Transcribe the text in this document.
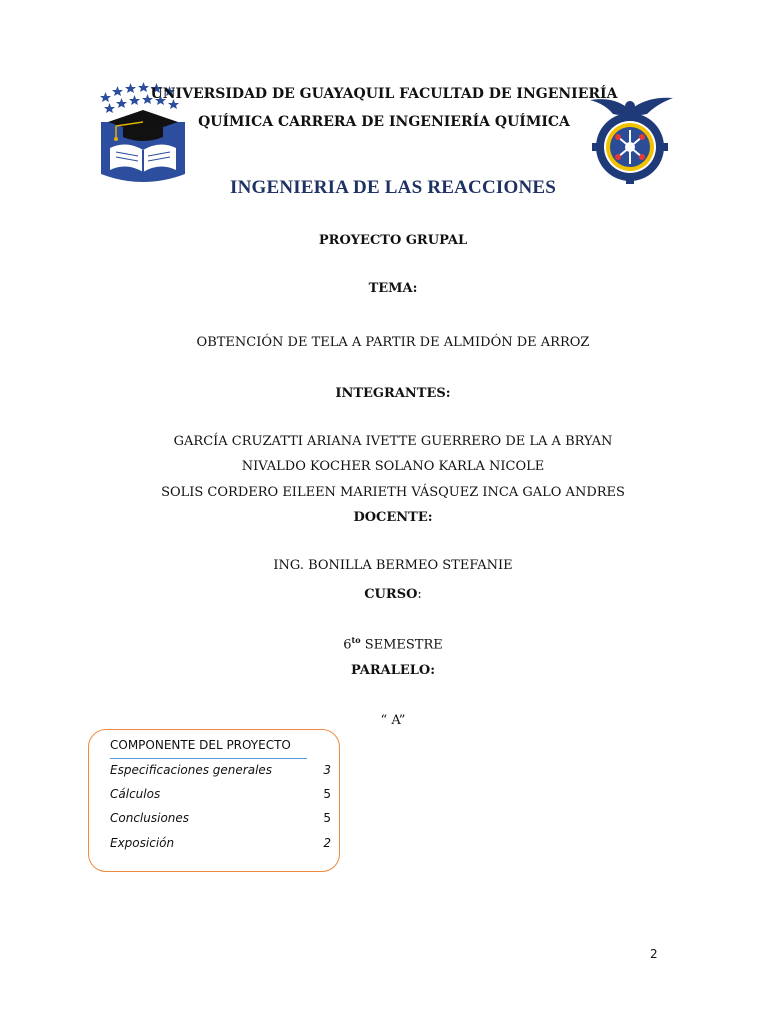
UNIVERSIDAD DE GUAYAQUIL FACULTAD DE INGENIERÍA
QUÍMICA CARRERA DE INGENIERÍA QUÍMICA
INGENIERIA DE LAS REACCIONES
PROYECTO GRUPAL
TEMA:
OBTENCIÓN DE TELA A PARTIR DE ALMIDÓN DE ARROZ
INTEGRANTES:
GARCÍA CRUZATTI ARIANA IVETTE GUERRERO DE LA A BRYAN
NIVALDO KOCHER SOLANO KARLA NICOLE
SOLIS CORDERO EILEEN MARIETH VÁSQUEZ INCA GALO ANDRES
DOCENTE:
ING. BONILLA BERMEO STEFANIE
CURSO:
$6^{to}$ SEMESTRE
PARALELO:
“ A”
COMPONENTE DEL PROYECTO
Especificaciones generales	3
Cálculos	5
Conclusiones	5
Exposición	2
2
